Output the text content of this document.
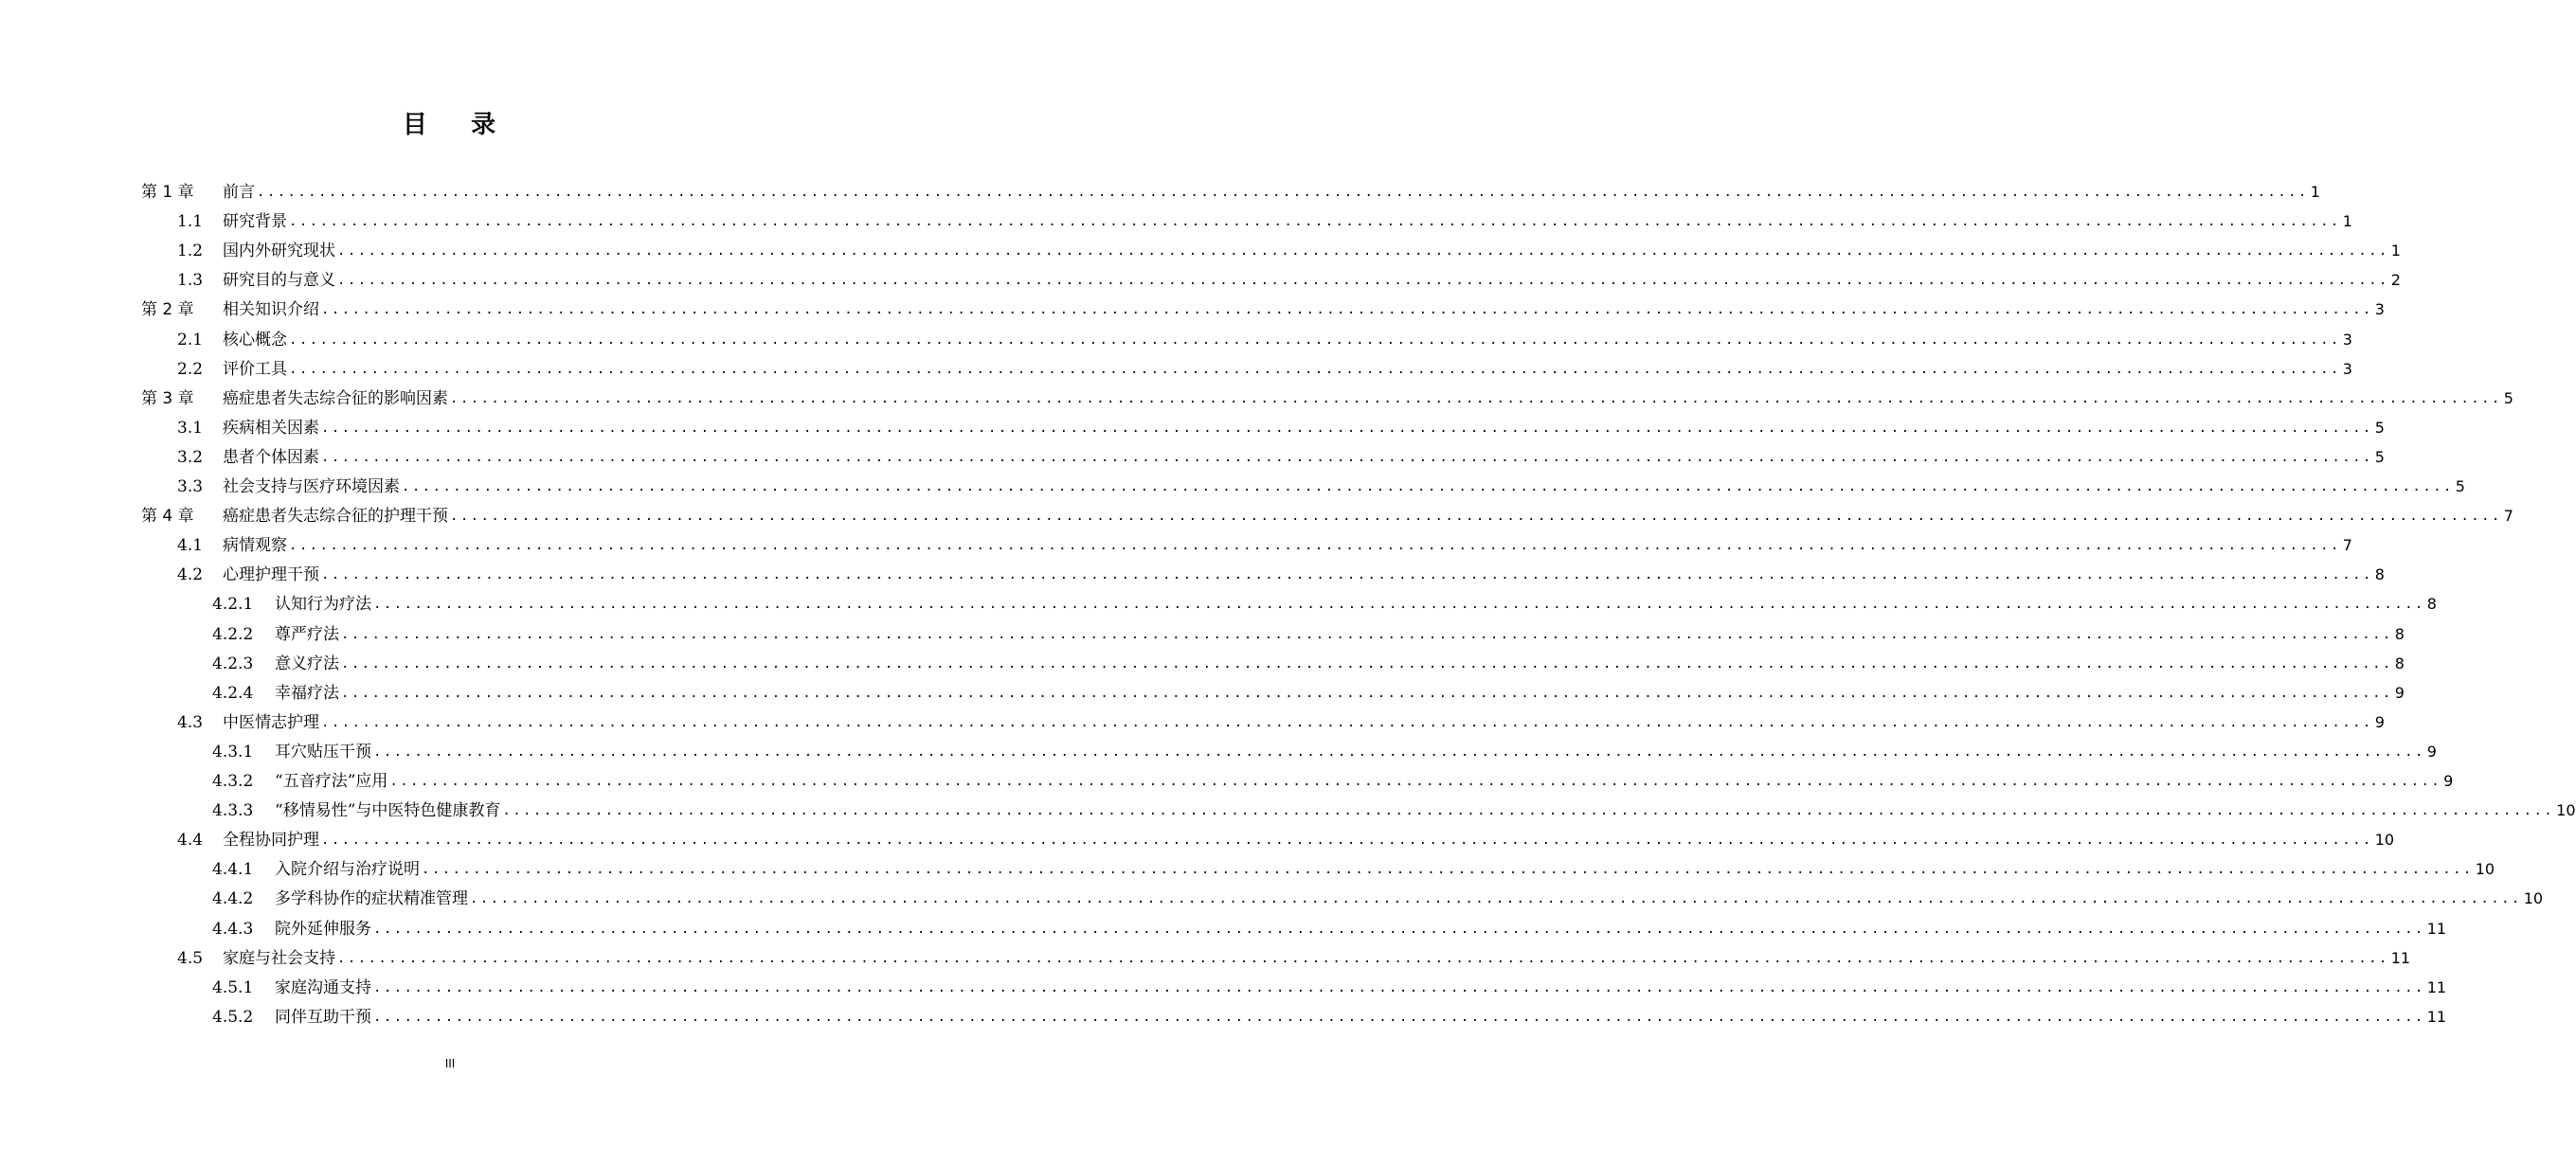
目    录
第 1 章	前言 ........................................................................................................................................................................................................ 1
1.1	研究背景 ........................................................................................................................................................................................................ 1
1.2	国内外研究现状 ........................................................................................................................................................................................................ 1
1.3	研究目的与意义 ........................................................................................................................................................................................................ 2
第 2 章	相关知识介绍 ........................................................................................................................................................................................................ 3
2.1	核心概念 ........................................................................................................................................................................................................ 3
2.2	评价工具 ........................................................................................................................................................................................................ 3
第 3 章	癌症患者失志综合征的影响因素 ........................................................................................................................................................................................................ 5
3.1	疾病相关因素 ........................................................................................................................................................................................................ 5
3.2	患者个体因素 ........................................................................................................................................................................................................ 5
3.3	社会支持与医疗环境因素 ........................................................................................................................................................................................................ 5
第 4 章	癌症患者失志综合征的护理干预 ........................................................................................................................................................................................................ 7
4.1	病情观察 ........................................................................................................................................................................................................ 7
4.2	心理护理干预 ........................................................................................................................................................................................................ 8
4.2.1	认知行为疗法 ........................................................................................................................................................................................................ 8
4.2.2	尊严疗法 ........................................................................................................................................................................................................ 8
4.2.3	意义疗法 ........................................................................................................................................................................................................ 8
4.2.4	幸福疗法 ........................................................................................................................................................................................................ 9
4.3	中医情志护理 ........................................................................................................................................................................................................ 9
4.3.1	耳穴贴压干预 ........................................................................................................................................................................................................ 9
4.3.2	“五音疗法”应用 ........................................................................................................................................................................................................ 9
4.3.3	“移情易性”与中医特色健康教育 ........................................................................................................................................................................................................ 10
4.4	全程协同护理 ........................................................................................................................................................................................................ 10
4.4.1	入院介绍与治疗说明 ........................................................................................................................................................................................................ 10
4.4.2	多学科协作的症状精准管理 ........................................................................................................................................................................................................ 10
4.4.3	院外延伸服务 ........................................................................................................................................................................................................ 11
4.5	家庭与社会支持 ........................................................................................................................................................................................................ 11
4.5.1	家庭沟通支持 ........................................................................................................................................................................................................ 11
4.5.2	同伴互助干预 ........................................................................................................................................................................................................ 11
III
